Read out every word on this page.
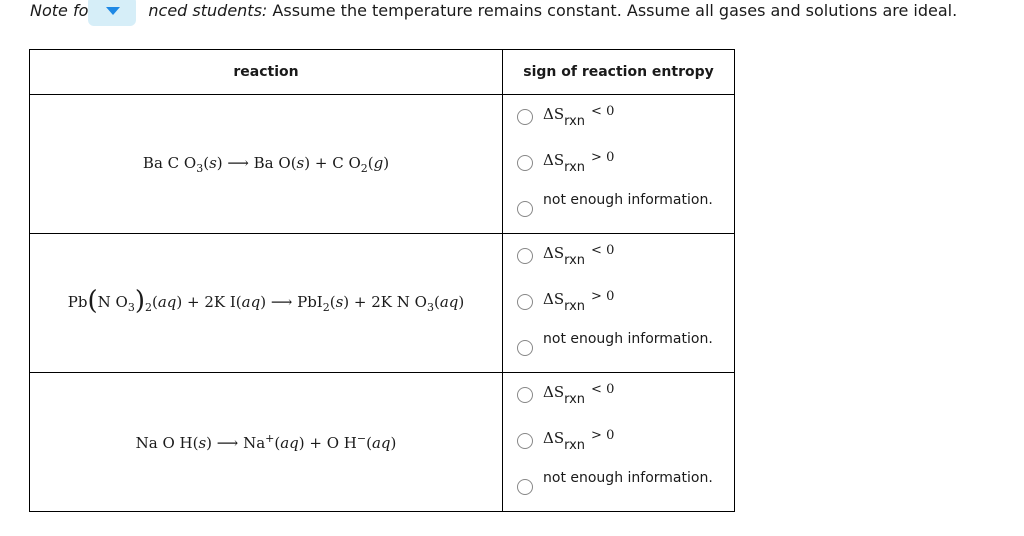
Note fo	nced students: Assume the temperature remains constant. Assume all gases and solutions are ideal.
reaction	sign of reaction entropy
Ba C $O_3(s)$ ⟶ Ba O(s) + C $O_2(g)$	ΔSrxn< 0
ΔSrxn> 0
not enough information.

Pb(N $O_3)_2(aq) + 2K$ I(aq) ⟶ PbI$_2$(s) + 2K N $O_3(aq)$	ΔSrxn< 0
ΔSrxn> 0
not enough information.

Na O H(s) ⟶ Na+(aq) + O H−(aq)	ΔSrxn< 0
ΔSrxn> 0
not enough information.
